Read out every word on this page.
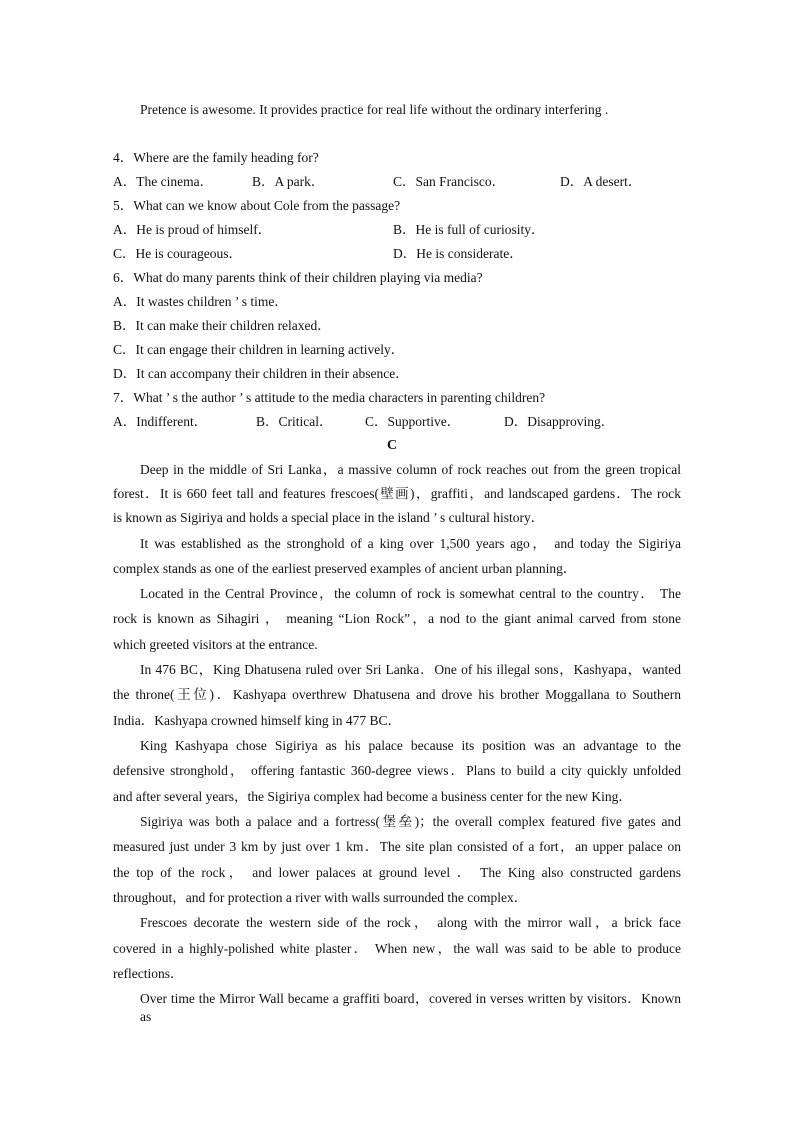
Pretence is awesome. It provides practice for real life without the ordinary interfering .
4．Where are the family heading for?
A．The cinema．	B．A park．	C．San Francisco．	D．A desert．
5．What can we know about Cole from the passage?
A．He is proud of himself．	B．He is full of curiosity．
C．He is courageous．	D．He is considerate．
6．What do many parents think of their children playing via media?
A．It wastes children ’ s time．
B．It can make their children relaxed．
C．It can engage their children in learning actively．
D．It can accompany their children in their absence．
7．What ’ s the author ’ s attitude to the media characters in parenting children?
A．Indifferent．	B．Critical． C．Supportive．	D．Disapproving．
C
Deep in the middle of Sri Lanka，a massive column of rock reaches out from the green tropical
forest．It is 660 feet tall and features frescoes(壁画)，graffiti，and landscaped gardens．The rock
is known as Sigiriya and holds a special place in the island ’ s cultural history．
It was established as the stronghold of a king over 1,500 years ago， and today the Sigiriya
complex stands as one of the earliest preserved examples of ancient urban planning．
Located in the Central Province，the column of rock is somewhat central to the country． The
rock is known as Sihagiri ， meaning “Lion Rock”，a nod to the giant animal carved from stone
which greeted visitors at the entrance.
In 476 BC，King Dhatusena ruled over Sri Lanka．One of his illegal sons，Kashyapa，wanted
the throne(王位)．Kashyapa overthrew Dhatusena and drove his brother Moggallana to Southern
India．Kashyapa crowned himself king in 477 BC．
King Kashyapa chose Sigiriya as his palace because its position was an advantage to the
defensive stronghold， offering fantastic 360-degree views．Plans to build a city quickly unfolded
and after several years，the Sigiriya complex had become a business center for the new King．
Sigiriya was both a palace and a fortress(堡垒)；the overall complex featured five gates and
measured just under 3 km by just over 1 km．The site plan consisted of a fort，an upper palace on
the top of the rock， and lower palaces at ground level ． The King also constructed gardens
throughout，and for protection a river with walls surrounded the complex．
Frescoes decorate the western side of the rock， along with the mirror wall，a brick face
covered in a highly-polished white plaster． When new，the wall was said to be able to produce
reflections．
Over time the Mirror Wall became a graffiti board，covered in verses written by visitors．Known as
